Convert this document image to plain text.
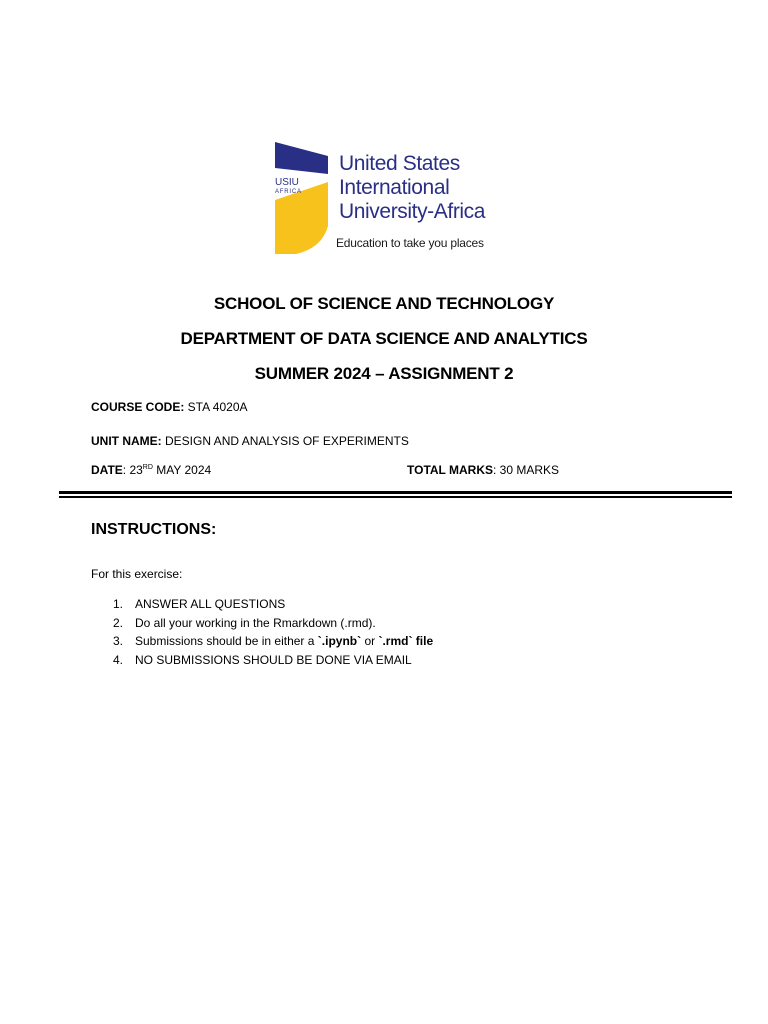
USIU
AFRICA
United States
International
University-Africa
Education to take you places
SCHOOL OF SCIENCE AND TECHNOLOGY
DEPARTMENT OF DATA SCIENCE AND ANALYTICS
SUMMER 2024 – ASSIGNMENT 2
COURSE CODE: STA 4020A
UNIT NAME: DESIGN AND ANALYSIS OF EXPERIMENTS
DATE: 23RD MAY 2024	TOTAL MARKS: 30 MARKS
INSTRUCTIONS:
For this exercise:
1. ANSWER ALL QUESTIONS
2. Do all your working in the Rmarkdown (.rmd).
3. Submissions should be in either a `.ipynb` or `.rmd` file
4. NO SUBMISSIONS SHOULD BE DONE VIA EMAIL
